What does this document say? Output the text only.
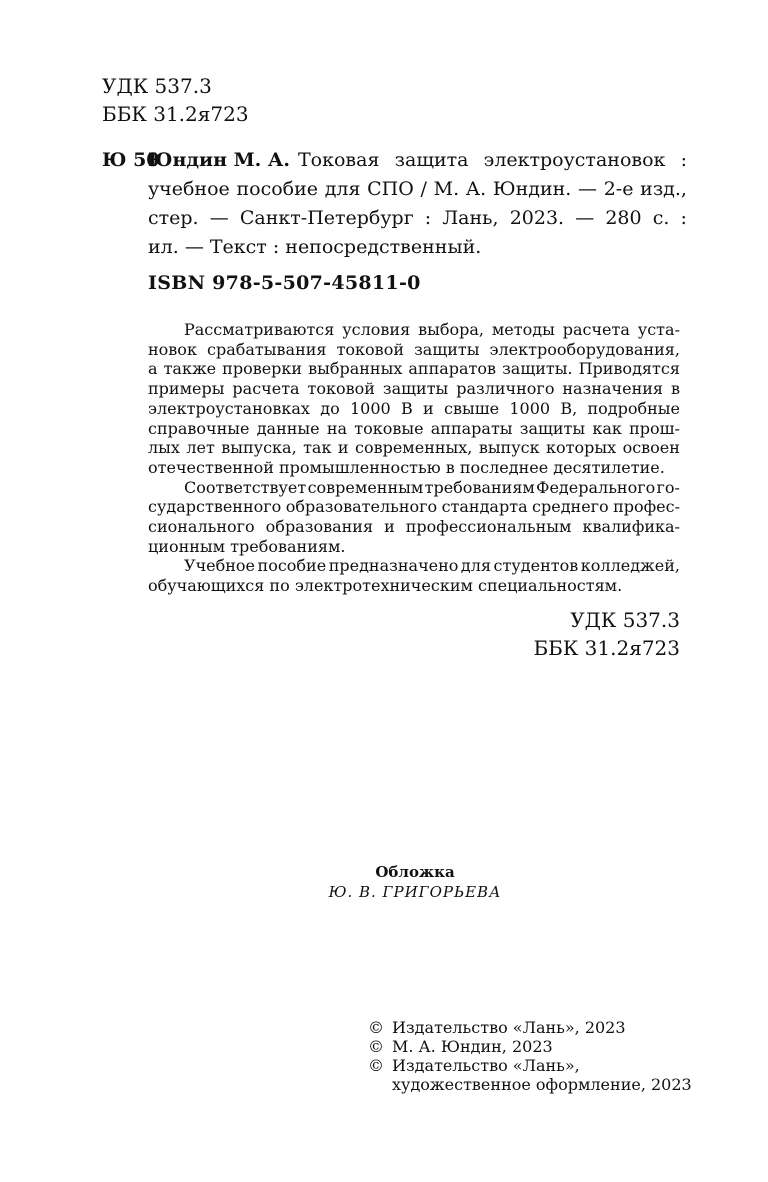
УДК 537.3
ББК 31.2я723
Ю 50
Юндин М. А. Токовая защита электроустановок :
учебное пособие для СПО / М. А. Юндин. — 2-е изд.,
стер. — Санкт-Петербург : Лань, 2023. — 280 с. :
ил. — Текст : непосредственный.
ISBN 978-5-507-45811-0

Рассматриваются условия выбора, методы расчета уста-
новок срабатывания токовой защиты электрооборудования,
а также проверки выбранных аппаратов защиты. Приводятся
примеры расчета токовой защиты различного назначения в
электроустановках до 1000 В и свыше 1000 В, подробные
справочные данные на токовые аппараты защиты как прош-
лых лет выпуска, так и современных, выпуск которых освоен
отечественной промышленностью в последнее десятилетие.

Соответствует современным требованиям Федерального го-
сударственного образовательного стандарта среднего профес-
сионального образования и профессиональным квалифика-
ционным требованиям.

Учебное пособие предназначено для студентов колледжей,
обучающихся по электротехническим специальностям.

УДК 537.3
ББК 31.2я723
Обложка
Ю. В. ГРИГОРЬЕВА
© Издательство «Лань», 2023
© М. А. Юндин, 2023
© Издательство «Лань»,
художественное оформление, 2023
